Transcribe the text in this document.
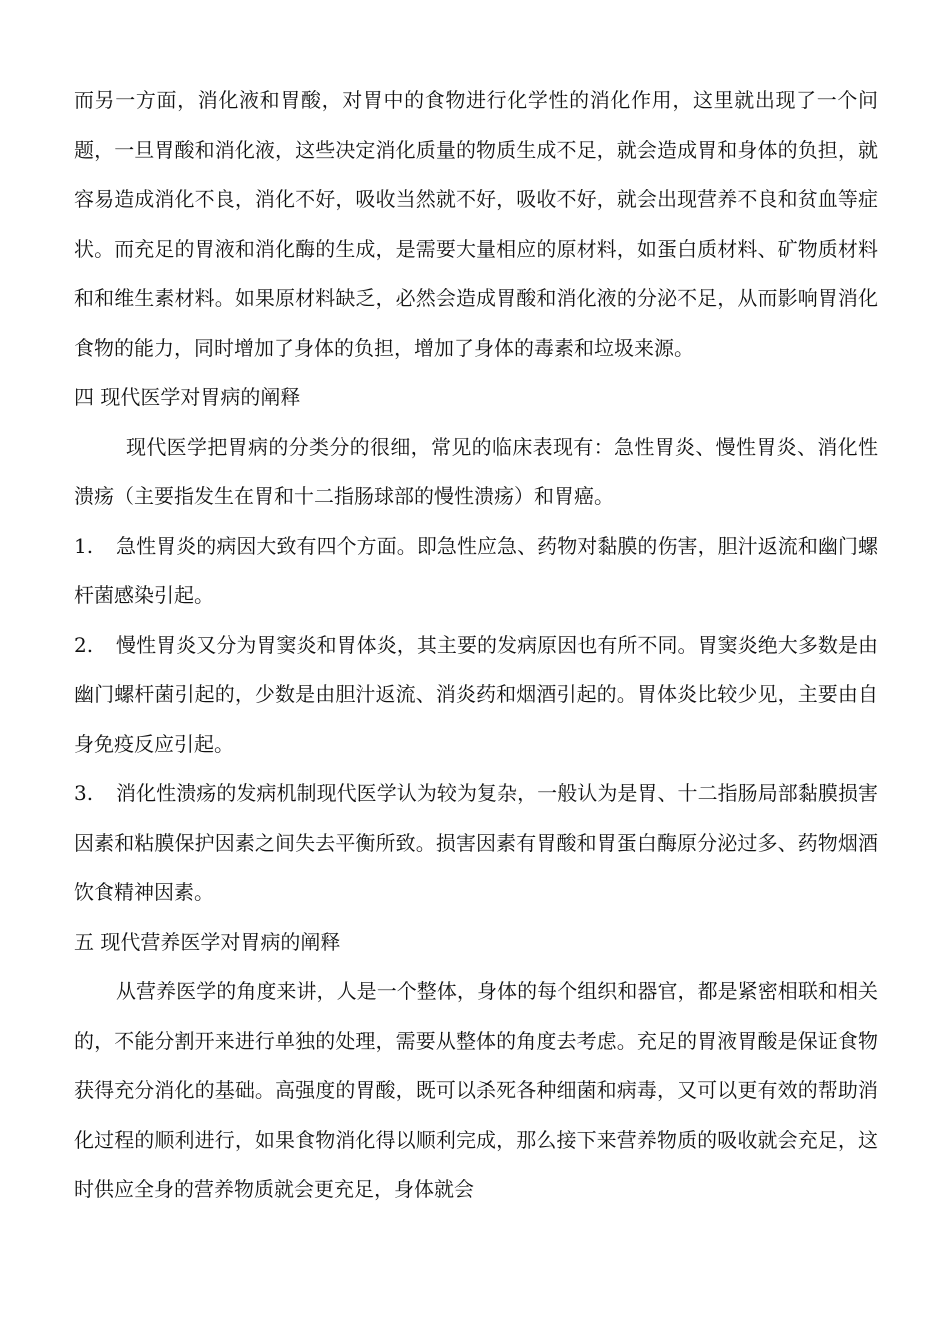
而另一方面，消化液和胃酸，对胃中的食物进行化学性的消化作用，这里就出现了一个问题，一旦胃酸和消化液，这些决定消化质量的物质生成不足，就会造成胃和身体的负担，就容易造成消化不良，消化不好，吸收当然就不好，吸收不好，就会出现营养不良和贫血等症状。而充足的胃液和消化酶的生成，是需要大量相应的原材料，如蛋白质材料、矿物质材料和和维生素材料。如果原材料缺乏，必然会造成胃酸和消化液的分泌不足，从而影响胃消化食物的能力，同时增加了身体的负担，增加了身体的毒素和垃圾来源。

四 现代医学对胃病的阐释

现代医学把胃病的分类分的很细，常见的临床表现有：急性胃炎、慢性胃炎、消化性溃疡（主要指发生在胃和十二指肠球部的慢性溃疡）和胃癌。

1. 急性胃炎的病因大致有四个方面。即急性应急、药物对黏膜的伤害，胆汁返流和幽门螺杆菌感染引起。

2. 慢性胃炎又分为胃窦炎和胃体炎，其主要的发病原因也有所不同。胃窦炎绝大多数是由幽门螺杆菌引起的，少数是由胆汁返流、消炎药和烟酒引起的。胃体炎比较少见，主要由自身免疫反应引起。

3. 消化性溃疡的发病机制现代医学认为较为复杂，一般认为是胃、十二指肠局部黏膜损害因素和粘膜保护因素之间失去平衡所致。损害因素有胃酸和胃蛋白酶原分泌过多、药物烟酒饮食精神因素。

五 现代营养医学对胃病的阐释

从营养医学的角度来讲，人是一个整体，身体的每个组织和器官，都是紧密相联和相关的，不能分割开来进行单独的处理，需要从整体的角度去考虑。充足的胃液胃酸是保证食物获得充分消化的基础。高强度的胃酸，既可以杀死各种细菌和病毒，又可以更有效的帮助消化过程的顺利进行，如果食物消化得以顺利完成，那么接下来营养物质的吸收就会充足，这时供应全身的营养物质就会更充足，身体就会
